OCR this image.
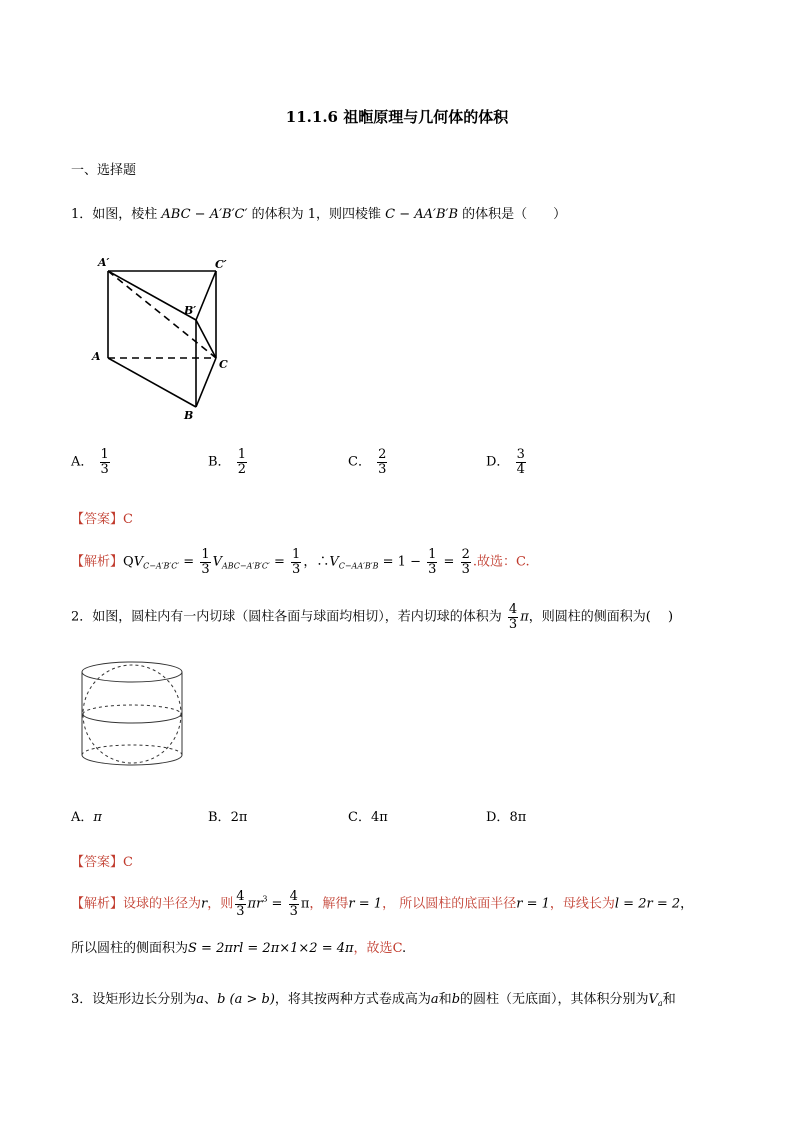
11.1.6 祖暅原理与几何体的体积
一、选择题
1．如图，棱柱 ABC − A′B′C′ 的体积为 1，则四棱锥 C − AA′B′B 的体积是（　　）
A′	C′
B′
A
C
B
A． $\frac{1}{3}$	B． $\frac{1}{2}$	C． $\frac{2}{3}$	D． $\frac{3}{4}$
【答案】C
【解析】$QV_{C-A'B'C'} = \frac{1}{3} V_{ABC-A'B'C'} = \frac{1}{3}$ ，$\therefore V_{C-AA'B'B} = 1 - \frac{1}{3} = \frac{2}{3}$ .故选：C.
2．如图，圆柱内有一内切球（圆柱各面与球面均相切），若内切球的体积为 $\frac{4}{3}$ π，则圆柱的侧面积为(　 )
A．π	B．2π	C．4π	D．8π
【答案】C
【解析】设球的半径为r，则 $\frac{4}{3} \pi r^3 = \frac{4}{3}$ π，解得r = 1， 所以圆柱的底面半径r = 1，母线长为l = 2r = 2，
所以圆柱的侧面积为S = 2πrl = 2π×1×2 = 4π，故选C.
3．设矩形边长分别为a、b (a > b)，将其按两种方式卷成高为a和b的圆柱（无底面），其体积分别为$V_a$和
